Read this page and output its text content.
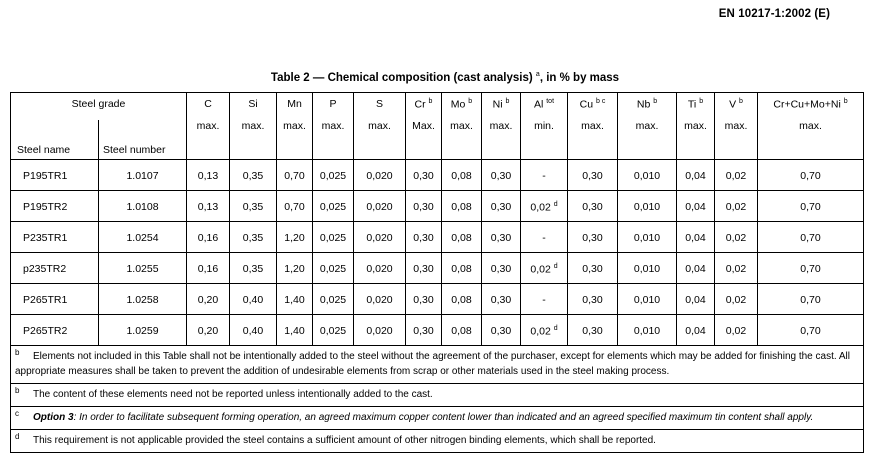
EN 10217-1:2002 (E)
Table 2 — Chemical composition (cast analysis) $^a$, in % by mass
Steel grade		C	Si	Mn	P	S	Cr $^b$	Mo $^b$	Ni $^b$	Al $^{tot}$	Cu $^{b c}$	Nb $^b$	Ti $^b$	V $^b$	Cr+Cu+Mo+Ni $^b$
Steel name	Steel number	max.	max.	max.	max.	max.	Max.	max.	max.	min.	max.	max.	max.	max.	max.
P195TR1	1.0107	0,13	0,35	0,70	0,025	0,020	0,30	0,08	0,30	-	0,30	0,010	0,04	0,02	0,70
P195TR2	1.0108	0,13	0,35	0,70	0,025	0,020	0,30	0,08	0,30	0,02 $^d$	0,30	0,010	0,04	0,02	0,70
P235TR1	1.0254	0,16	0,35	1,20	0,025	0,020	0,30	0,08	0,30	-	0,30	0,010	0,04	0,02	0,70
p235TR2	1.0255	0,16	0,35	1,20	0,025	0,020	0,30	0,08	0,30	0,02 $^d$	0,30	0,010	0,04	0,02	0,70
P265TR1	1.0258	0,20	0,40	1,40	0,025	0,020	0,30	0,08	0,30	-	0,30	0,010	0,04	0,02	0,70
P265TR2	1.0259	0,20	0,40	1,40	0,025	0,020	0,30	0,08	0,30	0,02 $^d$	0,30	0,010	0,04	0,02	0,70
b Elements not included in this Table shall not be intentionally added to the steel without the agreement of the purchaser, except for elements which may be added for finishing the cast. All appropriate measures shall be taken to prevent the addition of undesirable elements from scrap or other materials used in the steel making process.															
b The content of these elements need not be reported unless intentionally added to the cast.															
c Option 3: In order to facilitate subsequent forming operation, an agreed maximum copper content lower than indicated and an agreed specified maximum tin content shall apply.															
d This requirement is not applicable provided the steel contains a sufficient amount of other nitrogen binding elements, which shall be reported.															
